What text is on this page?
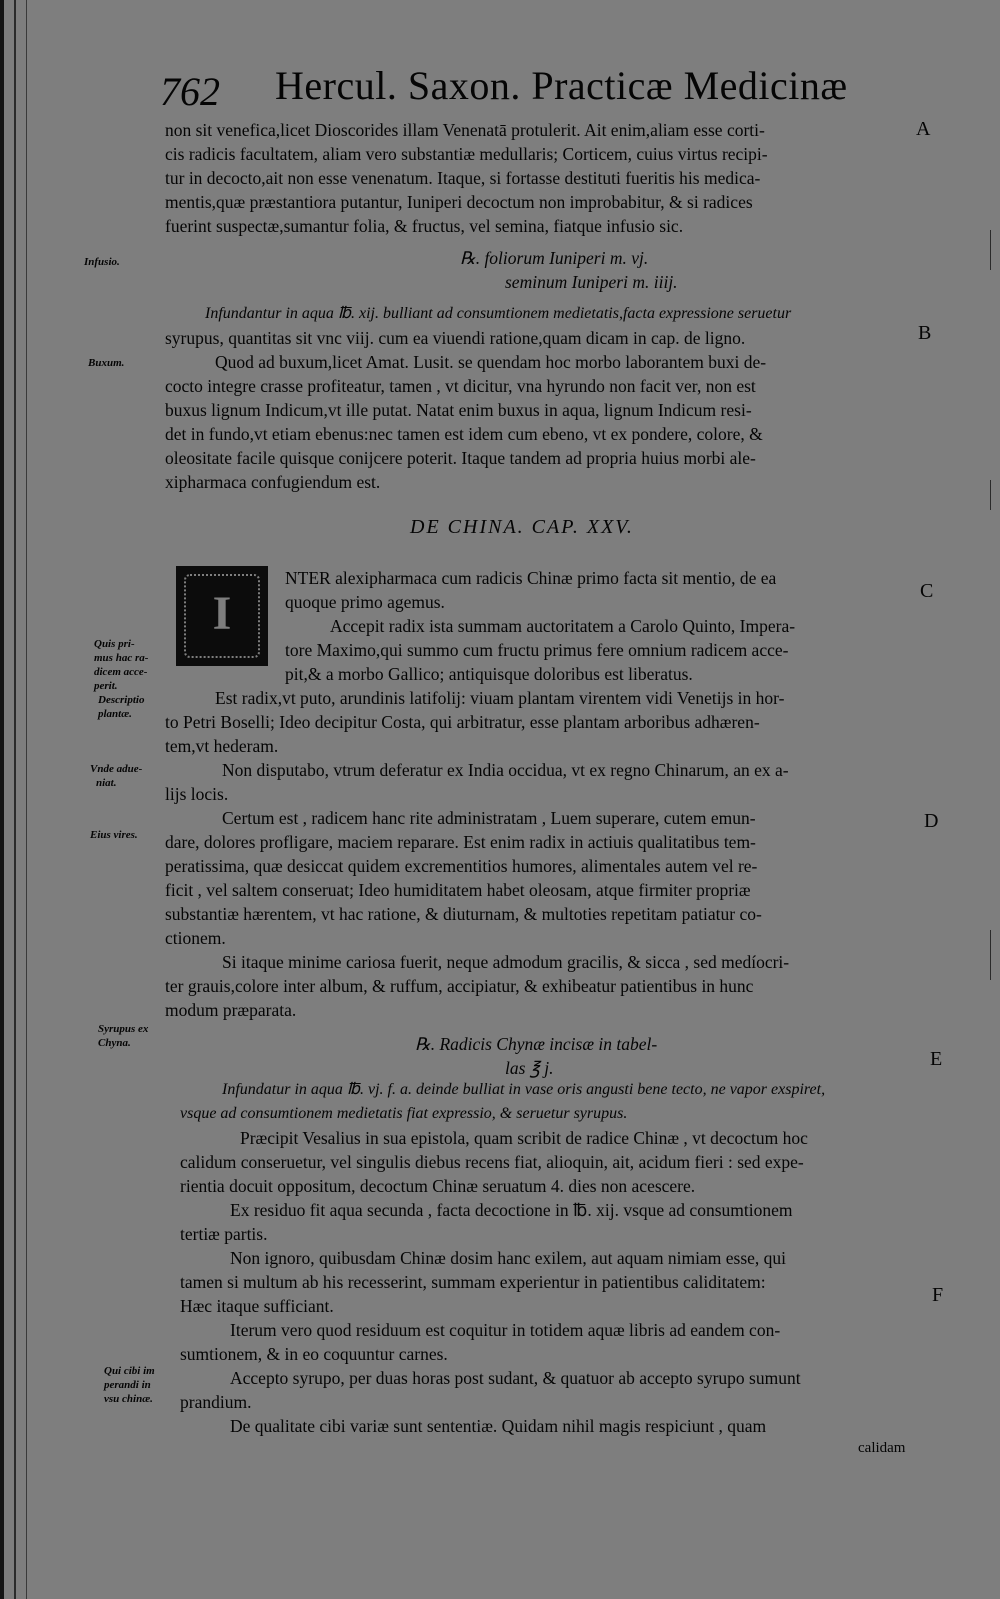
762 Hercul. Saxon. Practicæ Medicinæ
non sit venefica,licet Dioscorides illam Venenatā protulerit. Ait enim,aliam esse corti-
cis radicis facultatem, aliam vero substantiæ medullaris; Corticem, cuius virtus recipi-
tur in decocto,ait non esse venenatum. Itaque, si fortasse destituti fueritis his medica-
mentis,quæ præstantiora putantur, Iuniperi decoctum non improbabitur, & si radices
fuerint suspectæ,sumantur folia, & fructus, vel semina, fiatque infusio sic.
℞. foliorum Iuniperi m. vj.
seminum Iuniperi m. iiij.
Infundantur in aqua ℔. xij. bulliant ad consumtionem medietatis,facta expressione seruetur
syrupus, quantitas sit vnc viij. cum ea viuendi ratione,quam dicam in cap. de ligno.
Quod ad buxum,licet Amat. Lusit. se quendam hoc morbo laborantem buxi de-
cocto integre crasse profiteatur, tamen , vt dicitur, vna hyrundo non facit ver, non est
buxus lignum Indicum,vt ille putat. Natat enim buxus in aqua, lignum Indicum resi-
det in fundo,vt etiam ebenus:nec tamen est idem cum ebeno, vt ex pondere, colore, &
oleositate facile quisque conijcere poterit. Itaque tandem ad propria huius morbi ale-
xipharmaca confugiendum est.
DE CHINA. CAP. XXV.
I
NTER alexipharmaca cum radicis Chinæ primo facta sit mentio, de ea
quoque primo agemus.
Accepit radix ista summam auctoritatem a Carolo Quinto, Impera-
tore Maximo,qui summo cum fructu primus fere omnium radicem acce-
pit,& a morbo Gallico; antiquisque doloribus est liberatus.
Est radix,vt puto, arundinis latifolij: viuam plantam virentem vidi Venetijs in hor-
to Petri Boselli; Ideo decipitur Costa, qui arbitratur, esse plantam arboribus adhæren-
tem,vt hederam.
Non disputabo, vtrum deferatur ex India occidua, vt ex regno Chinarum, an ex a-
lijs locis.
Certum est , radicem hanc rite administratam , Luem superare, cutem emun-
dare, dolores profligare, maciem reparare. Est enim radix in actiuis qualitatibus tem-
peratissima, quæ desiccat quidem excrementitios humores, alimentales autem vel re-
ficit , vel saltem conseruat; Ideo humiditatem habet oleosam, atque firmiter propriæ
substantiæ hærentem, vt hac ratione, & diuturnam, & multoties repetitam patiatur co-
ctionem.
Si itaque minime cariosa fuerit, neque admodum gracilis, & sicca , sed medíocri-
ter grauis,colore inter album, & ruffum, accipiatur, & exhibeatur patientibus in hunc
modum præparata.
℞. Radicis Chynæ incisæ in tabel-
las ℥ j.
Infundatur in aqua ℔. vj. f. a. deinde bulliat in vase oris angusti bene tecto, ne vapor exspiret,
vsque ad consumtionem medietatis fiat expressio, & seruetur syrupus.
Præcipit Vesalius in sua epistola, quam scribit de radice Chinæ , vt decoctum hoc
calidum conseruetur, vel singulis diebus recens fiat, alioquin, ait, acidum fieri : sed expe-
rientia docuit oppositum, decoctum Chinæ seruatum 4. dies non acescere.
Ex residuo fit aqua secunda , facta decoctione in ℔. xij. vsque ad consumtionem
tertiæ partis.
Non ignoro, quibusdam Chinæ dosim hanc exilem, aut aquam nimiam esse, qui
tamen si multum ab his recesserint, summam experientur in patientibus caliditatem:
Hæc itaque sufficiant.
Iterum vero quod residuum est coquitur in totidem aquæ libris ad eandem con-
sumtionem, & in eo coquuntur carnes.
Accepto syrupo, per duas horas post sudant, & quatuor ab accepto syrupo sumunt
prandium.
De qualitate cibi variæ sunt sententiæ. Quidam nihil magis respiciunt , quam
calidam
Infusio.
Buxum.
Quis pri-
mus hac ra-
dicem acce-
perit.
Descriptio
plantæ.
Vnde adue-
niat.
Eius vires.
Syrupus ex
Chyna.
Qui cibi im
perandi in
vsu chinæ.
A
B
C
D
E
F
